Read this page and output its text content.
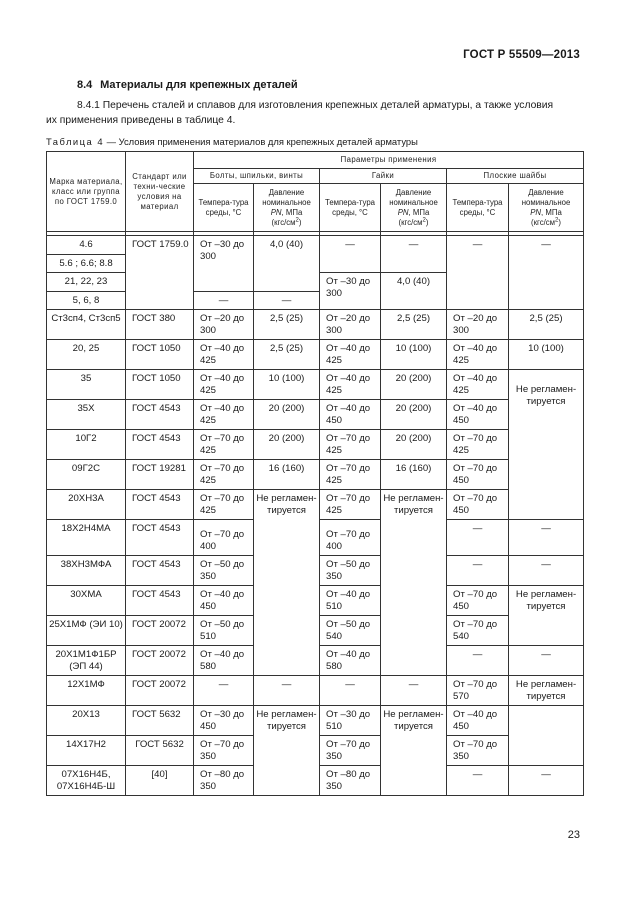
ГОСТ Р 55509—2013
8.4 Материалы для крепежных деталей
8.4.1 Перечень сталей и сплавов для изготовления крепежных деталей арматуры, а также условия
их применения приведены в таблице 4.
Таблица 4 — Условия применения материалов для крепежных деталей арматуры
Марка материала, класс или группа по ГОСТ 1759.0	Стандарт или техни-ческие условия на материал	Параметры применения					
		Болты, шпильки, винты		Гайки		Плоские шайбы	
		Темпера-тура среды, °С	Давление
номинальное
PN, МПа
$(кгс/см^2)$	Темпера-тура среды, °С	Давление
номинальное
PN, МПа
$(кгс/см^2)$	Темпера-тура среды, °С	Давление
номинальное
PN, МПа
$(кгс/см^2)$

4.6	ГОСТ 1759.0	От –30 до 300	4,0 (40)	—	—	—	—
5.6 ; 6.6; 8.8							
21, 22, 23				От –30 до 300	4,0 (40)		
5, 6, 8		—	—				
Ст3сп4, Ст3сп5	ГОСТ 380	От –20 до 300	2,5 (25)	От –20 до 300	2,5 (25)	От –20 до 300	2,5 (25)
20, 25	ГОСТ 1050	От –40 до 425	2,5 (25)	От –40 до 425	10 (100)	От –40 до 425	10 (100)
35	ГОСТ 1050	От –40 до 425	10 (100)	От –40 до 425	20 (200)	От –40 до 425	Не регламен-тируется
35Х	ГОСТ 4543	От –40 до 425	20 (200)	От –40 до 450	20 (200)	От –40 до 450	
10Г2	ГОСТ 4543	От –70 до 425	20 (200)	От –70 до 425	20 (200)	От –70 до 425	
09Г2С	ГОСТ 19281	От –70 до 425	16 (160)	От –70 до 425	16 (160)	От –70 до 450	
20ХН3А	ГОСТ 4543	От –70 до 425	Не регламен-тируется	От –70 до 425	Не регламен-тируется	От –70 до 450	
18Х2Н4МА	ГОСТ 4543	От –70 до 400		От –70 до 400		—	—
38ХН3МФА	ГОСТ 4543	От –50 до 350		От –50 до 350		—	—
30ХМА	ГОСТ 4543	От –40 до 450		От –40 до 510		От –70 до 450	Не регламен-тируется
25Х1МФ (ЭИ 10)	ГОСТ 20072	От –50 до 510		От –50 до 540		От –70 до 540	
20Х1М1Ф1БР (ЭП 44)	ГОСТ 20072	От –40 до 580		От –40 до 580		—	—
12Х1МФ	ГОСТ 20072	—	—	—	—	От –70 до 570	Не регламен-тируется
20Х13	ГОСТ 5632	От –30 до 450	Не регламен-тируется	От –30 до 510	Не регламен-тируется	От –40 до 450	
14Х17Н2	ГОСТ 5632	От –70 до 350		От –70 до 350		От –70 до 350	
07Х16Н4Б, 07Х16Н4Б-Ш	[40]	От –80 до 350		От –80 до 350		—	—
23
